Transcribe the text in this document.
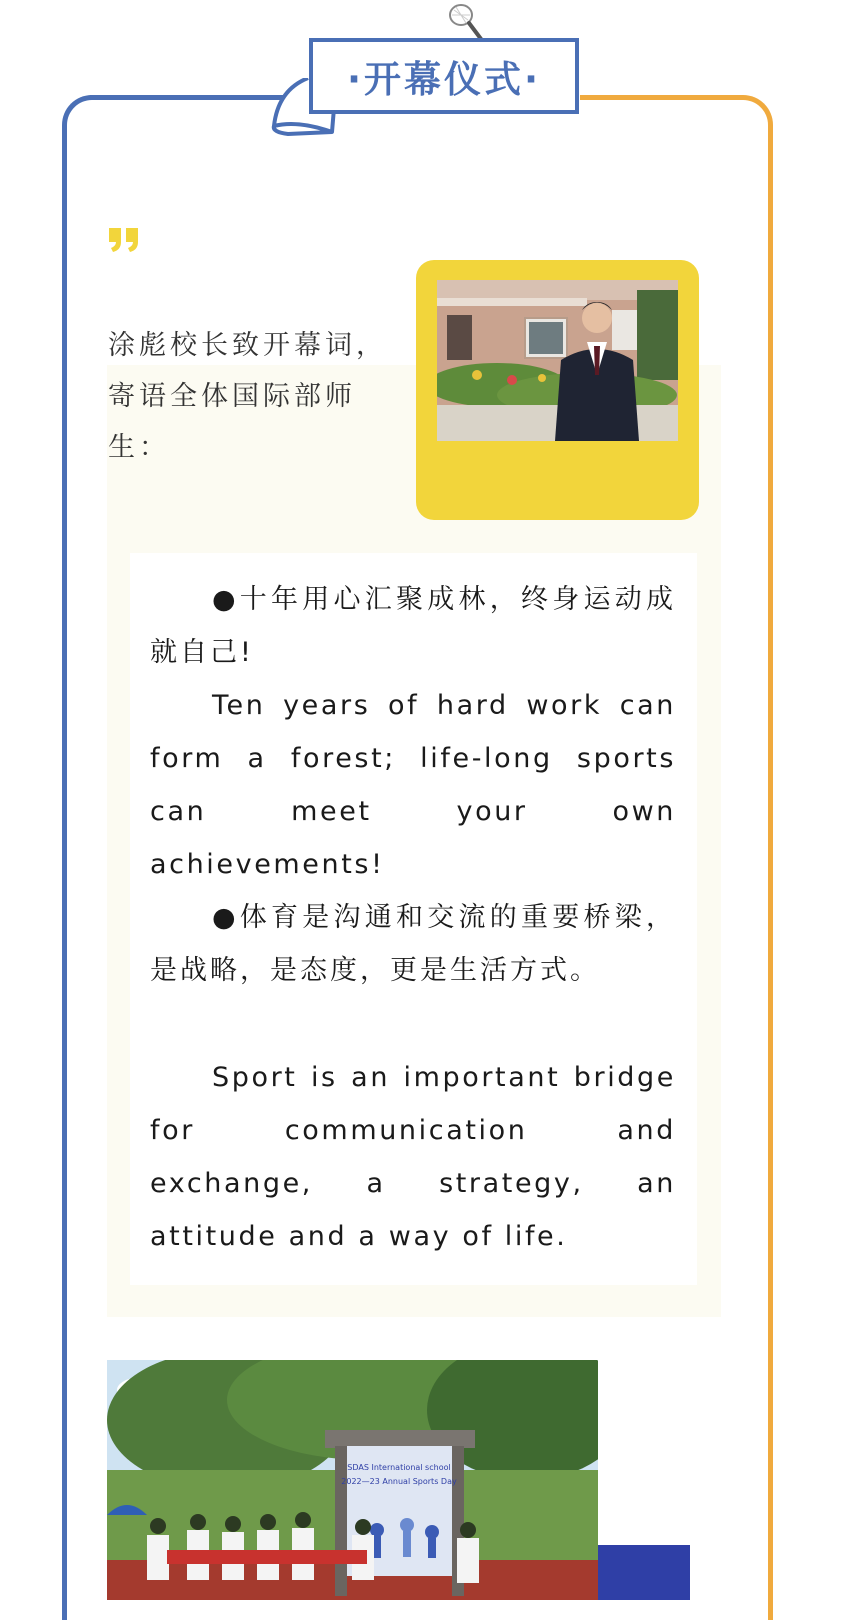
·开幕仪式·
涂彪校长致开幕词，寄语全体国际部师生：
●十年用心汇聚成林，终身运动成就自己!
Ten years of hard work can form a forest; life-long sports can meet your own achievements!
●体育是沟通和交流的重要桥梁，是战略，是态度，更是生活方式。
Sport is an important bridge for communication and exchange, a strategy, an attitude and a way of life.
SDAS International school
2022—23 Annual Sports Day
